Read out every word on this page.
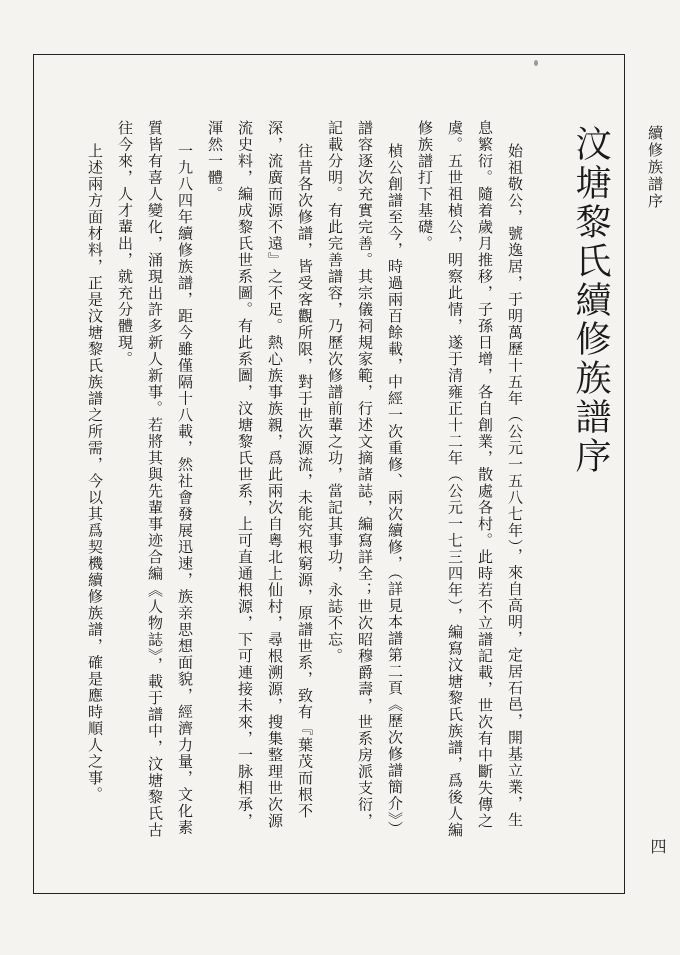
續修族譜序
汶塘黎氏續修族譜序

始祖敬公，號逸居，于明萬歷十五年（公元一五八七年），來自高明，定居石邑，開基立業，生息繁衍。隨着歲月推移，子孫日增，各自創業，散處各村。此時若不立譜記載，世次有中斷失傳之虞。五世祖楨公，明察此情，遂于清雍正十二年（公元一七三四年），編寫汶塘黎氏族譜，爲後人編修族譜打下基礎。

楨公創譜至今，時過兩百餘載，中經一次重修、兩次續修，（詳見本譜第二頁《歷次修譜簡介》）譜容逐次充實完善。其宗儀祠規家範，行述文摘諸誌，編寫詳全；世次昭穆爵壽，世系房派支衍，記載分明。有此完善譜容，乃歷次修譜前輩之功，當記其事功，永誌不忘。

往昔各次修譜，皆受客觀所限，對于世次源流，未能究根窮源，原譜世系，致有『葉茂而根不深，流廣而源不遠』之不足。熱心族事族親，爲此兩次自粵北上仙村，尋根溯源，搜集整理世次源流史料，編成黎氏世系圖。有此系圖，汶塘黎氏世系，上可直通根源，下可連接未來，一脉相承，渾然一體。

一九八四年續修族譜，距今雖僅隔十八載，然社會發展迅速，族亲思想面貌，經濟力量，文化素質皆有喜人變化，涌現出許多新人新事。若將其與先輩事迹合編《人物誌》，載于譜中，汶塘黎氏古往今來，人才輩出，就充分體現。

上述兩方面材料，正是汶塘黎氏族譜之所需，今以其爲契機續修族譜，確是應時順人之事。

四
